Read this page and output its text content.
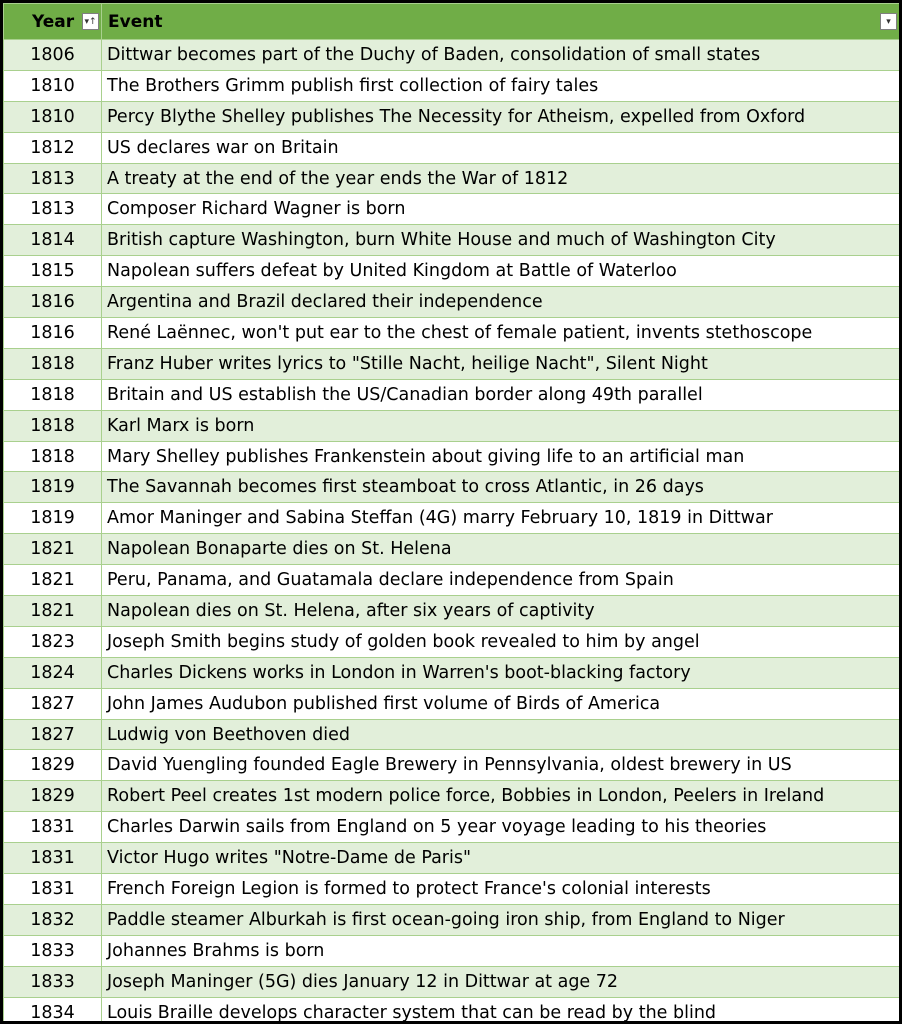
Year ▾↑	Event ▾

1806	Dittwar becomes part of the Duchy of Baden, consolidation of small states
1810	The Brothers Grimm publish first collection of fairy tales
1810	Percy Blythe Shelley publishes The Necessity for Atheism, expelled from Oxford
1812	US declares war on Britain
1813	A treaty at the end of the year ends the War of 1812
1813	Composer Richard Wagner is born
1814	British capture Washington, burn White House and much of Washington City
1815	Napolean suffers defeat by United Kingdom at Battle of Waterloo
1816	Argentina and Brazil declared their independence
1816	René Laënnec, won't put ear to the chest of female patient, invents stethoscope
1818	Franz Huber writes lyrics to "Stille Nacht, heilige Nacht", Silent Night
1818	Britain and US establish the US/Canadian border along 49th parallel
1818	Karl Marx is born
1818	Mary Shelley publishes Frankenstein about giving life to an artificial man
1819	The Savannah becomes first steamboat to cross Atlantic, in 26 days
1819	Amor Maninger and Sabina Steffan (4G) marry February 10, 1819 in Dittwar
1821	Napolean Bonaparte dies on St. Helena
1821	Peru, Panama, and Guatamala declare independence from Spain
1821	Napolean dies on St. Helena, after six years of captivity
1823	Joseph Smith begins study of golden book revealed to him by angel
1824	Charles Dickens works in London in Warren's boot-blacking factory
1827	John James Audubon published first volume of Birds of America
1827	Ludwig von Beethoven died
1829	David Yuengling founded Eagle Brewery in Pennsylvania, oldest brewery in US
1829	Robert Peel creates 1st modern police force, Bobbies in London, Peelers in Ireland
1831	Charles Darwin sails from England on 5 year voyage leading to his theories
1831	Victor Hugo writes "Notre-Dame de Paris"
1831	French Foreign Legion is formed to protect France's colonial interests
1832	Paddle steamer Alburkah is first ocean-going iron ship, from England to Niger
1833	Johannes Brahms is born
1833	Joseph Maninger (5G) dies January 12 in Dittwar at age 72
1834	Louis Braille develops character system that can be read by the blind
